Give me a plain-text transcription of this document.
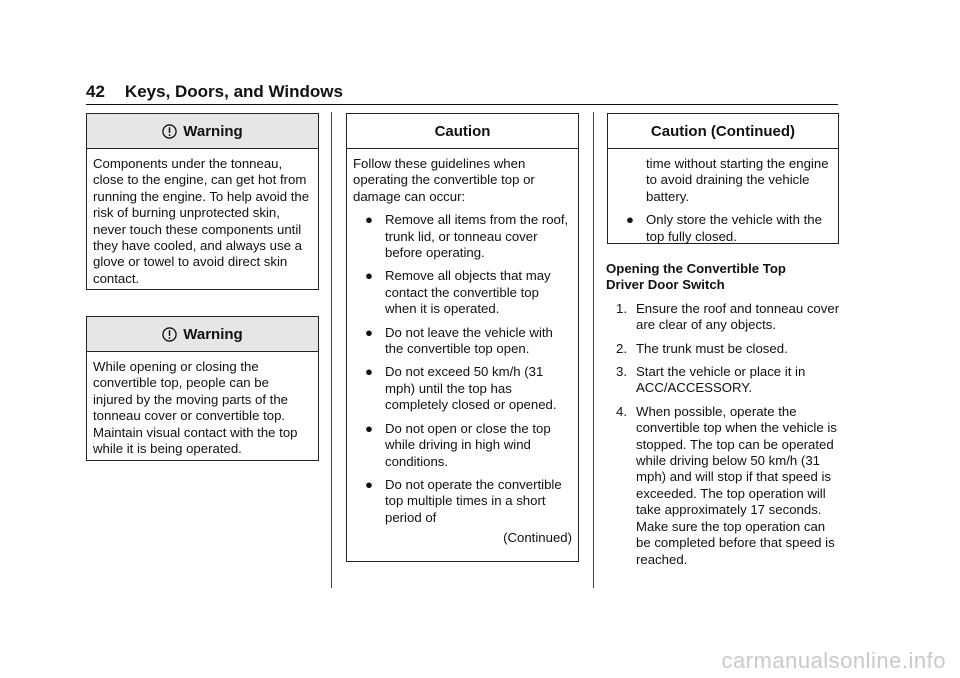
42 Keys, Doors, and Windows
Warning

Components under the tonneau, close to the engine, can get hot from running the engine. To help avoid the risk of burning unprotected skin, never touch these components until they have cooled, and always use a glove or towel to avoid direct skin contact.

Warning

While opening or closing the convertible top, people can be injured by the moving parts of the tonneau cover or convertible top. Maintain visual contact with the top while it is being operated.

Caution

Follow these guidelines when operating the convertible top or damage can occur:

● Remove all items from the roof, trunk lid, or tonneau cover before operating.
● Remove all objects that may contact the convertible top when it is operated.
● Do not leave the vehicle with the convertible top open.
● Do not exceed 50 km/h (31 mph) until the top has completely closed or opened.
● Do not open or close the top while driving in high wind conditions.
● Do not operate the convertible top multiple times in a short period of
(Continued)
Caution (Continued)

time without starting the engine to avoid draining the vehicle battery.

● Only store the vehicle with the top fully closed.
Opening the Convertible Top
Driver Door Switch
1. Ensure the roof and tonneau cover are clear of any objects.
2. The trunk must be closed.
3. Start the vehicle or place it in ACC/ACCESSORY.
4. When possible, operate the convertible top when the vehicle is stopped. The top can be operated while driving below 50 km/h (31 mph) and will stop if that speed is exceeded. The top operation will take approximately 17 seconds. Make sure the top operation can be completed before that speed is reached.
carmanualsonline.info
